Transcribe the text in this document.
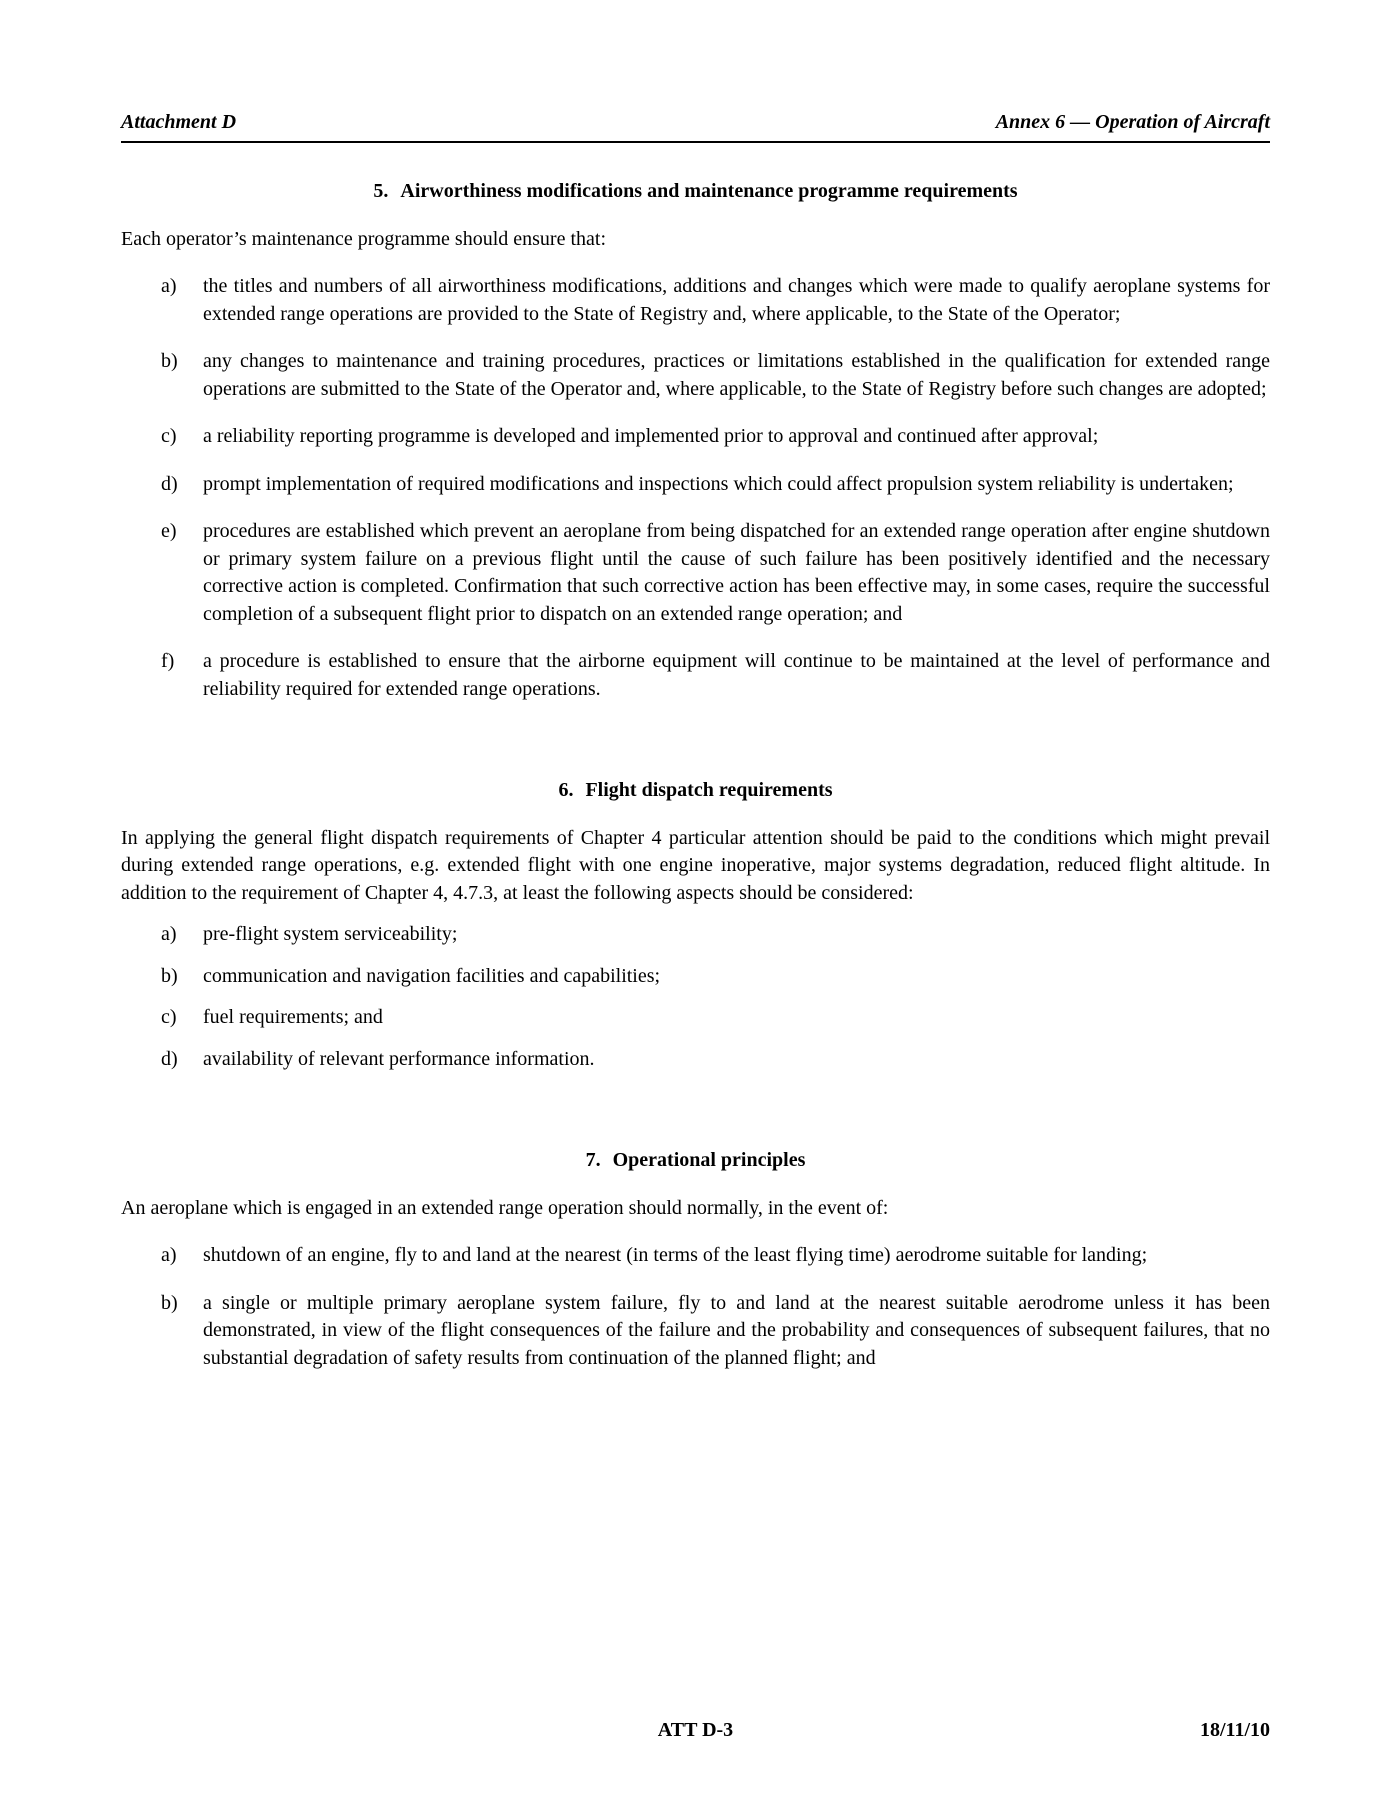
Attachment D	Annex 6 — Operation of Aircraft

5. Airworthiness modifications and maintenance programme requirements

Each operator’s maintenance programme should ensure that:

a) the titles and numbers of all airworthiness modifications, additions and changes which were made to qualify aeroplane systems for extended range operations are provided to the State of Registry and, where applicable, to the State of the Operator;
b) any changes to maintenance and training procedures, practices or limitations established in the qualification for extended range operations are submitted to the State of the Operator and, where applicable, to the State of Registry before such changes are adopted;
c) a reliability reporting programme is developed and implemented prior to approval and continued after approval;
d) prompt implementation of required modifications and inspections which could affect propulsion system reliability is undertaken;
e) procedures are established which prevent an aeroplane from being dispatched for an extended range operation after engine shutdown or primary system failure on a previous flight until the cause of such failure has been positively identified and the necessary corrective action is completed. Confirmation that such corrective action has been effective may, in some cases, require the successful completion of a subsequent flight prior to dispatch on an extended range operation; and
f) a procedure is established to ensure that the airborne equipment will continue to be maintained at the level of performance and reliability required for extended range operations.

6. Flight dispatch requirements

In applying the general flight dispatch requirements of Chapter 4 particular attention should be paid to the conditions which might prevail during extended range operations, e.g. extended flight with one engine inoperative, major systems degradation, reduced flight altitude. In addition to the requirement of Chapter 4, 4.7.3, at least the following aspects should be considered:

a) pre-flight system serviceability;
b) communication and navigation facilities and capabilities;
c) fuel requirements; and
d) availability of relevant performance information.

7. Operational principles

An aeroplane which is engaged in an extended range operation should normally, in the event of:

a) shutdown of an engine, fly to and land at the nearest (in terms of the least flying time) aerodrome suitable for landing;
b) a single or multiple primary aeroplane system failure, fly to and land at the nearest suitable aerodrome unless it has been demonstrated, in view of the flight consequences of the failure and the probability and consequences of subsequent failures, that no substantial degradation of safety results from continuation of the planned flight; and
ATT D-3	18/11/10
